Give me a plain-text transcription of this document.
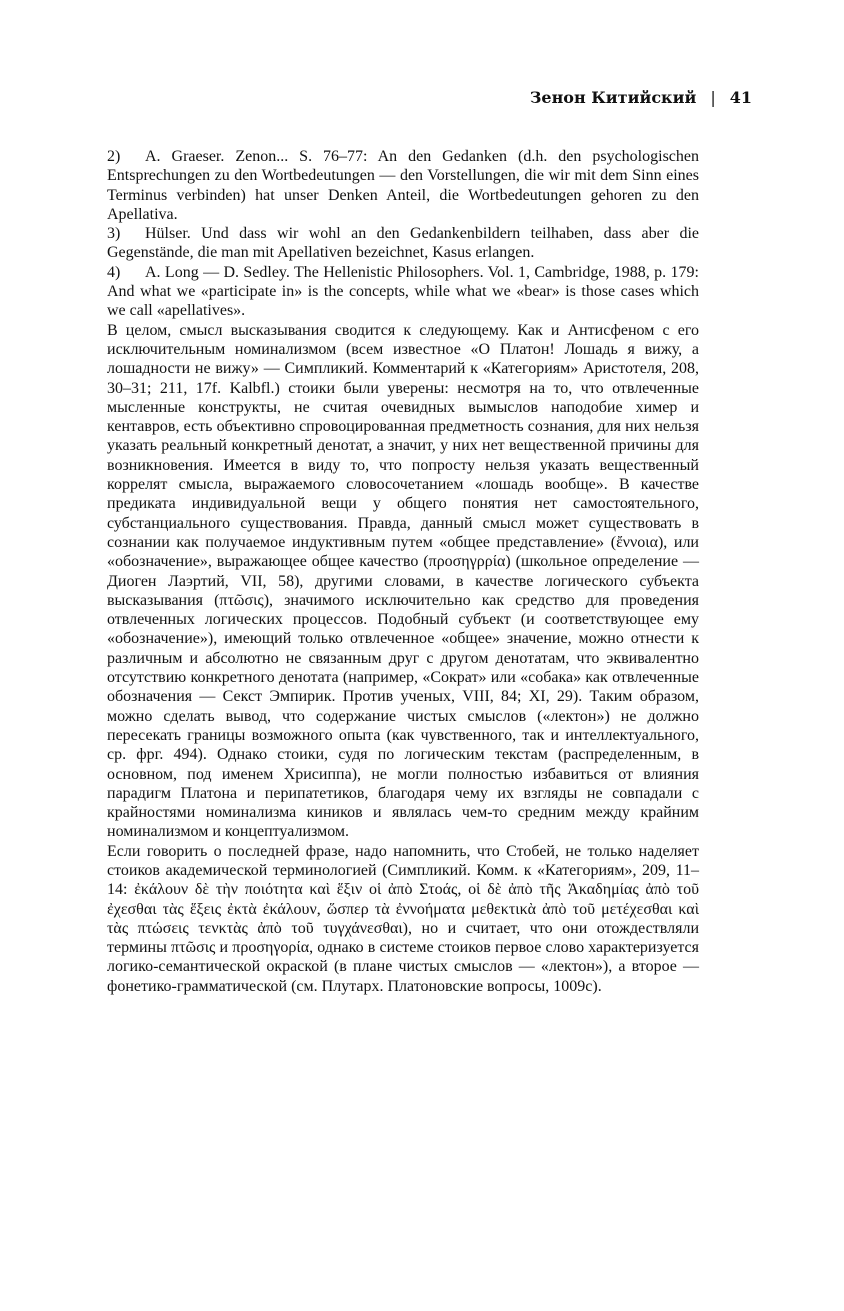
Зенон Китийский | 41

2) A. Graeser. Zenon... S. 76–77: An den Gedanken (d.h. den psychologischen Entsprechungen zu den Wortbedeutungen — den Vorstellungen, die wir mit dem Sinn eines Terminus verbinden) hat unser Denken Anteil, die Wortbedeutungen gehoren zu den Apellativa.

3) Hülser. Und dass wir wohl an den Gedankenbildern teilhaben, dass aber die Gegenstände, die man mit Apellativen bezeichnet, Kasus erlangen.

4) A. Long — D. Sedley. The Hellenistic Philosophers. Vol. 1, Cambridge, 1988, p. 179: And what we «participate in» is the concepts, while what we «bear» is those cases which we call «apellatives».

В целом, смысл высказывания сводится к следующему. Как и Антисфеном с его исключительным номинализмом (всем известное «О Платон! Лошадь я вижу, а лошадности не вижу» — Симпликий. Комментарий к «Категориям» Аристотеля, 208, 30–31; 211, 17f. Kalbfl.) стоики были уверены: несмотря на то, что отвлеченные мысленные конструкты, не считая очевидных вымыслов наподобие химер и кентавров, есть объективно спровоцированная предметность сознания, для них нельзя указать реальный конкретный денотат, а значит, у них нет вещественной причины для возникновения. Имеется в виду то, что попросту нельзя указать вещественный коррелят смысла, выражаемого словосочетанием «лошадь вообще». В качестве предиката индивидуальной вещи у общего понятия нет самостоятельного, субстанциального существования. Правда, данный смысл может существовать в сознании как получаемое индуктивным путем «общее представление» (ἔννοια), или «обозначение», выражающее общее качество (προσηγρρία) (школьное определение — Диоген Лаэртий, VII, 58), другими словами, в качестве логического субъекта высказывания (πτῶσις), значимого исключительно как средство для проведения отвлеченных логических процессов. Подобный субъект (и соответствующее ему «обозначение»), имеющий только отвлеченное «общее» значение, можно отнести к различным и абсолютно не связанным друг с другом денотатам, что эквивалентно отсутствию конкретного денотата (например, «Сократ» или «собака» как отвлеченные обозначения — Секст Эмпирик. Против ученых, VIII, 84; XI, 29). Таким образом, можно сделать вывод, что содержание чистых смыслов («лектон») не должно пересекать границы возможного опыта (как чувственного, так и интеллектуального, ср. фрг. 494). Однако стоики, судя по логическим текстам (распределенным, в основном, под именем Хрисиппа), не могли полностью избавиться от влияния парадигм Платона и перипатетиков, благодаря чему их взгляды не совпадали с крайностями номинализма киников и являлась чем-то средним между крайним номинализмом и концептуализмом.

Если говорить о последней фразе, надо напомнить, что Стобей, не только наделяет стоиков академической терминологией (Симпликий. Комм. к «Категориям», 209, 11–14: ἐκάλουν δὲ τὴν ποιότητα καὶ ἕξιν οἱ ἀπὸ Στοάς, οἱ δὲ ἀπὸ τῆς Ἀκαδημίας ἀπὸ τοῦ ἐχεσθαι τὰς ἕξεις ἐκτὰ ἐκάλουν, ὥσπερ τὰ ἐννοήματα μεθεκτικὰ ἀπὸ τοῦ μετέχεσθαι καὶ τὰς πτώσεις τενκτὰς ἀπὸ τοῦ τυγχάνεσθαι), но и считает, что они отождествляли термины πτῶσις и προσηγορία, однако в системе стоиков первое слово характеризуется логико-семантической окраской (в плане чистых смыслов — «лектон»), а второе — фонетико-грамматической (см. Плутарх. Платоновские вопросы, 1009с).
